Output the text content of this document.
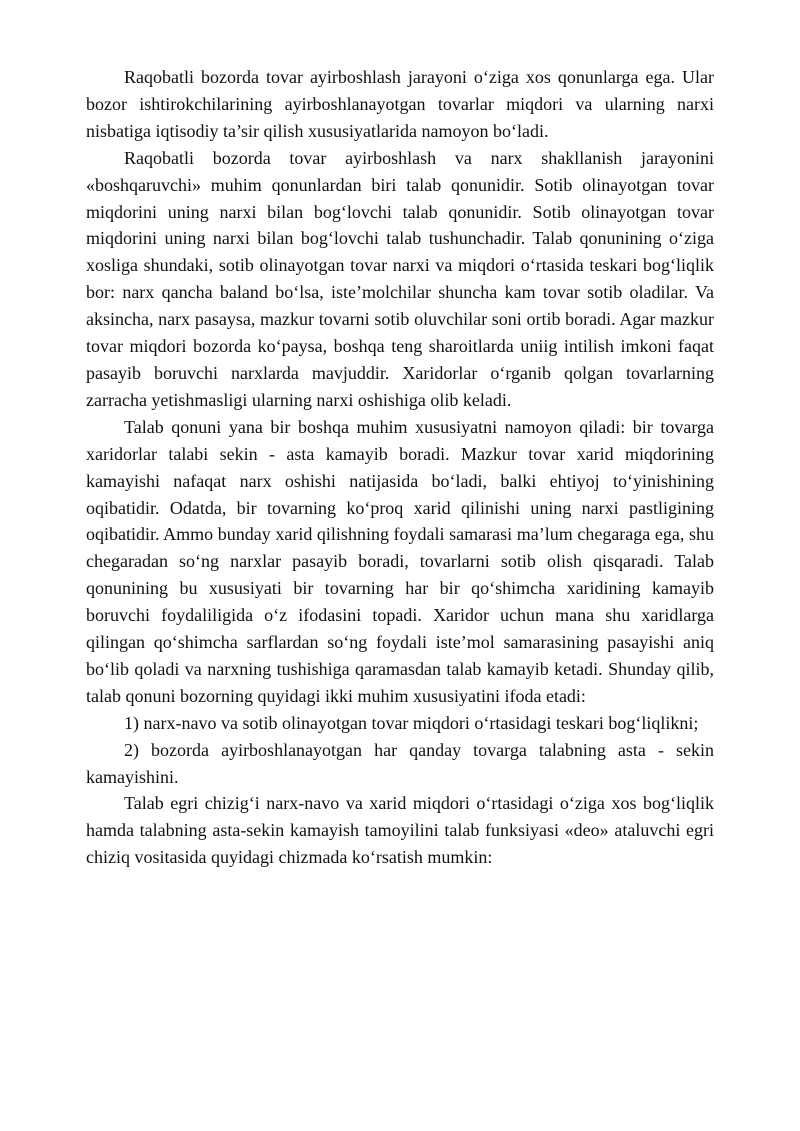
Raqobatli bozorda tovar ayirboshlash jarayoni o‘ziga xos qonunlarga ega. Ular bozor ishtirokchilarining ayirboshlanayotgan tovarlar miqdori va ularning narxi nisbatiga iqtisodiy ta’sir qilish xususiyatlarida namoyon bo‘ladi.

Raqobatli bozorda tovar ayirboshlash va narx shakllanish jarayonini «boshqaruvchi» muhim qonunlardan biri talab qonunidir. Sotib olinayotgan tovar miqdorini uning narxi bilan bog‘lovchi talab qonunidir. Sotib olinayotgan tovar miqdorini uning narxi bilan bog‘lovchi talab tushunchadir. Talab qonunining o‘ziga xosliga shundaki, sotib olinayotgan tovar narxi va miqdori o‘rtasida teskari bog‘liqlik bor: narx qancha baland bo‘lsa, iste’molchilar shuncha kam tovar sotib oladilar. Va aksincha, narx pasaysa, mazkur tovarni sotib oluvchilar soni ortib boradi. Agar mazkur tovar miqdori bozorda ko‘paysa, boshqa teng sharoitlarda uniig intilish imkoni faqat pasayib boruvchi narxlarda mavjuddir. Xaridorlar o‘rganib qolgan tovarlarning zarracha yetishmasligi ularning narxi oshishiga olib keladi.

Talab qonuni yana bir boshqa muhim xususiyatni namoyon qiladi: bir tovarga xaridorlar talabi sekin - asta kamayib boradi. Mazkur tovar xarid miqdorining kamayishi nafaqat narx oshishi natijasida bo‘ladi, balki ehtiyoj to‘yinishining oqibatidir. Odatda, bir tovarning ko‘proq xarid qilinishi uning narxi pastligining oqibatidir. Ammo bunday xarid qilishning foydali samarasi ma’lum chegaraga ega, shu chegaradan so‘ng narxlar pasayib boradi, tovarlarni sotib olish qisqaradi. Talab qonunining bu xususiyati bir tovarning har bir qo‘shimcha xaridining kamayib boruvchi foydaliligida o‘z ifodasini topadi. Xaridor uchun mana shu xaridlarga qilingan qo‘shimcha sarflardan so‘ng foydali iste’mol samarasining pasayishi aniq bo‘lib qoladi va narxning tushishiga qaramasdan talab kamayib ketadi. Shunday qilib, talab qonuni bozorning quyidagi ikki muhim xususiyatini ifoda etadi:

1) narx-navo va sotib olinayotgan tovar miqdori o‘rtasidagi teskari bog‘liqlikni;

2) bozorda ayirboshlanayotgan har qanday tovarga talabning asta - sekin kamayishini.

Talab egri chizig‘i narx-navo va xarid miqdori o‘rtasidagi o‘ziga xos bog‘liqlik hamda talabning asta-sekin kamayish tamoyilini talab funksiyasi «deo» ataluvchi egri chiziq vositasida quyidagi chizmada ko‘rsatish mumkin:
